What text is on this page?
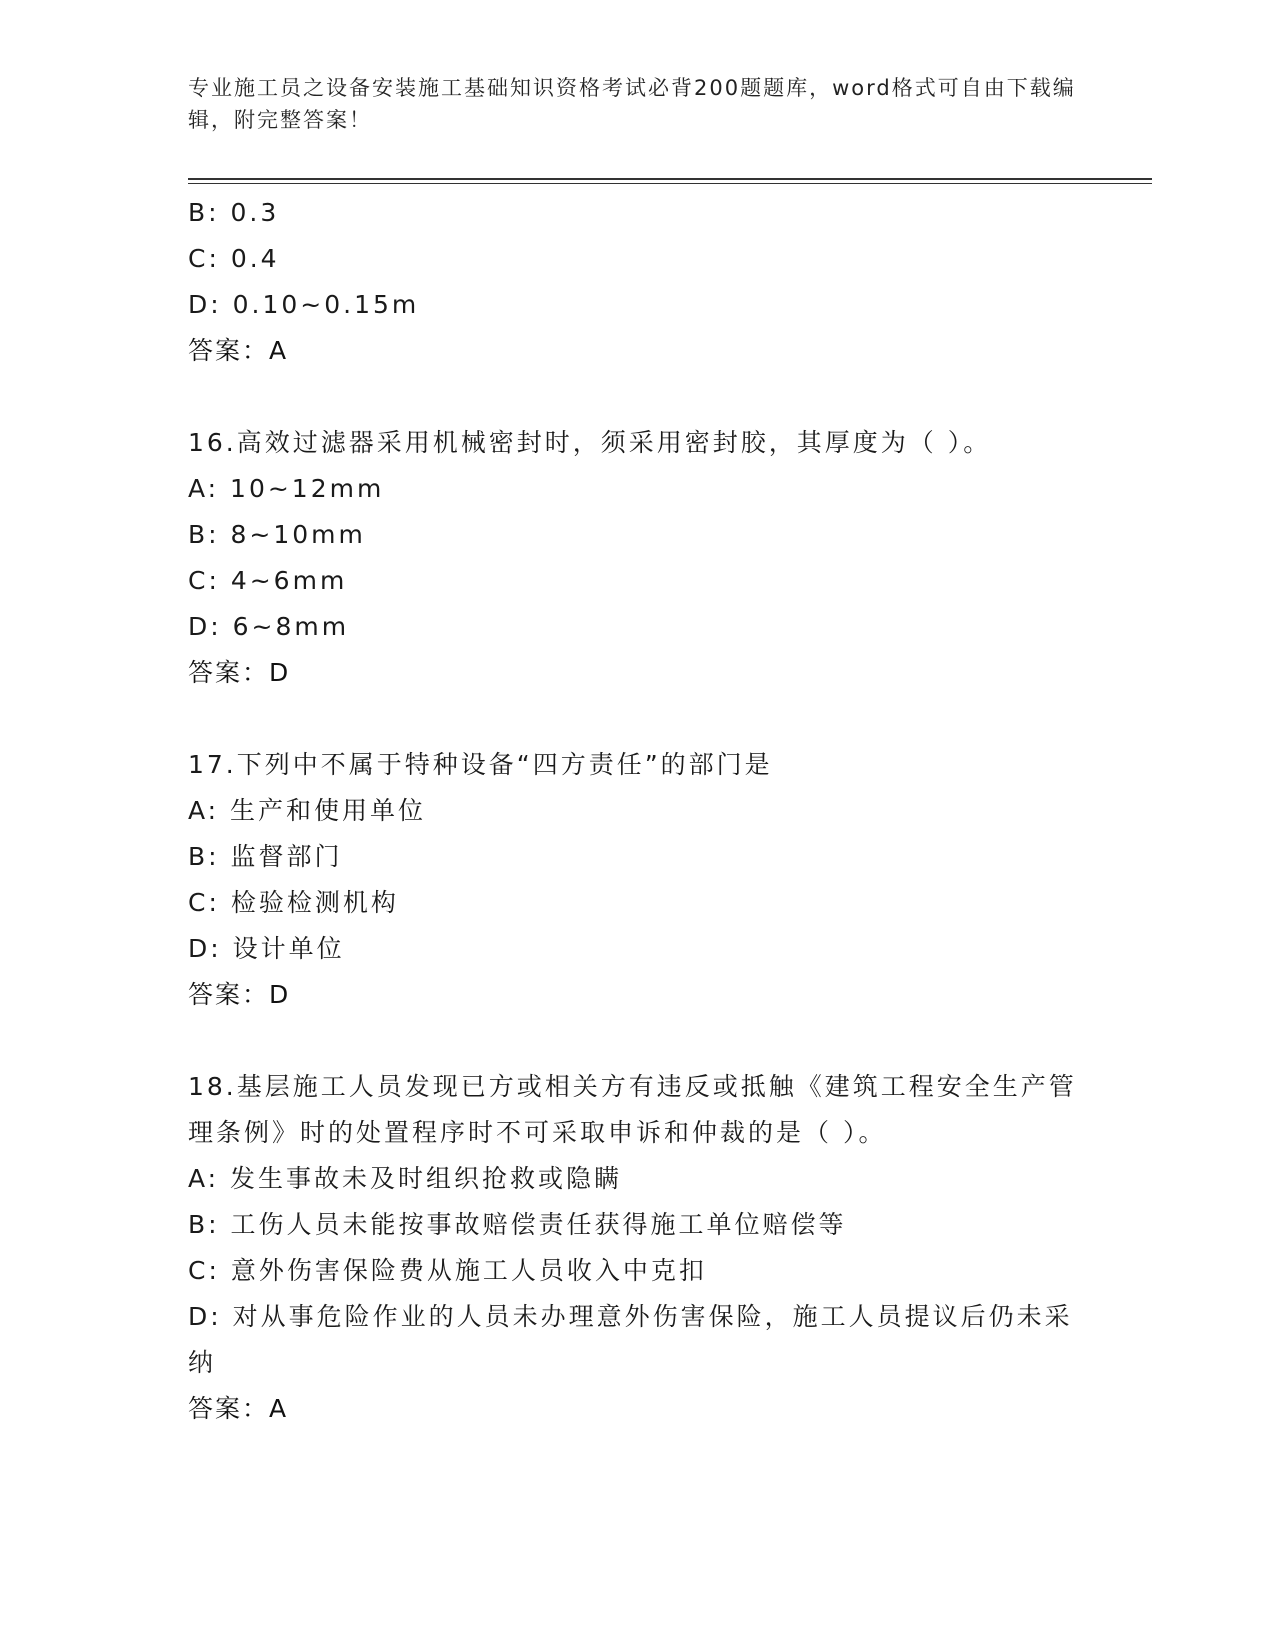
专业施工员之设备安装施工基础知识资格考试必背200题题库，word格式可自由下载编辑，附完整答案！
B: 0.3
C: 0.4
D: 0.10~0.15m
答案：A
16.高效过滤器采用机械密封时，须采用密封胶，其厚度为（ ）。
A: 10~12mm
B: 8~10mm
C: 4~6mm
D: 6~8mm
答案：D
17.下列中不属于特种设备“四方责任”的部门是
A: 生产和使用单位
B: 监督部门
C: 检验检测机构
D: 设计单位
答案：D
18.基层施工人员发现已方或相关方有违反或抵触《建筑工程安全生产管理条例》时的处置程序时不可采取申诉和仲裁的是（ ）。
A: 发生事故未及时组织抢救或隐瞒
B: 工伤人员未能按事故赔偿责任获得施工单位赔偿等
C: 意外伤害保险费从施工人员收入中克扣
D: 对从事危险作业的人员未办理意外伤害保险，施工人员提议后仍未采纳
答案：A
